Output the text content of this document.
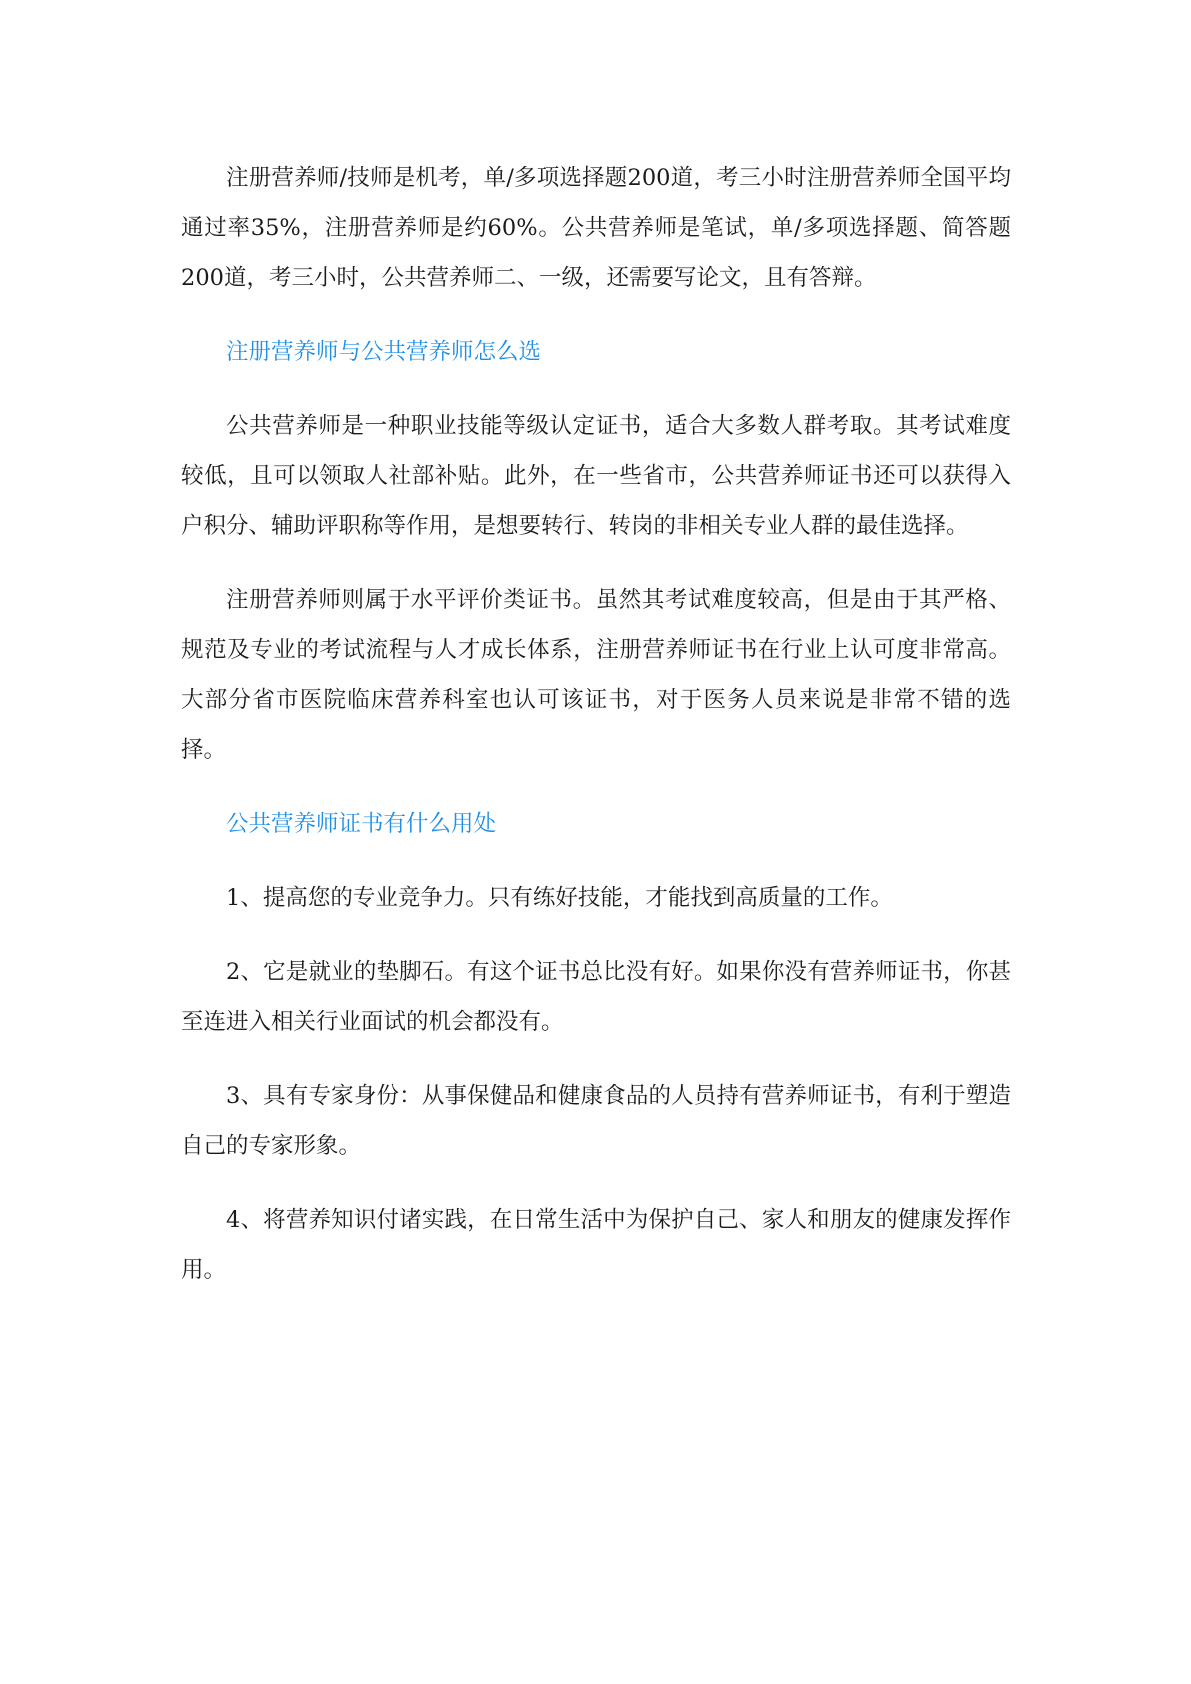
注册营养师/技师是机考，单/多项选择题200道，考三小时注册营养师全国平均通过率35%，注册营养师是约60%。公共营养师是笔试，单/多项选择题、简答题200道，考三小时，公共营养师二、一级，还需要写论文，且有答辩。

注册营养师与公共营养师怎么选

公共营养师是一种职业技能等级认定证书，适合大多数人群考取。其考试难度较低，且可以领取人社部补贴。此外，在一些省市，公共营养师证书还可以获得入户积分、辅助评职称等作用，是想要转行、转岗的非相关专业人群的最佳选择。

注册营养师则属于水平评价类证书。虽然其考试难度较高，但是由于其严格、规范及专业的考试流程与人才成长体系，注册营养师证书在行业上认可度非常高。大部分省市医院临床营养科室也认可该证书，对于医务人员来说是非常不错的选择。

公共营养师证书有什么用处

1、提高您的专业竞争力。只有练好技能，才能找到高质量的工作。

2、它是就业的垫脚石。有这个证书总比没有好。如果你没有营养师证书，你甚至连进入相关行业面试的机会都没有。

3、具有专家身份：从事保健品和健康食品的人员持有营养师证书，有利于塑造自己的专家形象。

4、将营养知识付诸实践，在日常生活中为保护自己、家人和朋友的健康发挥作用。
